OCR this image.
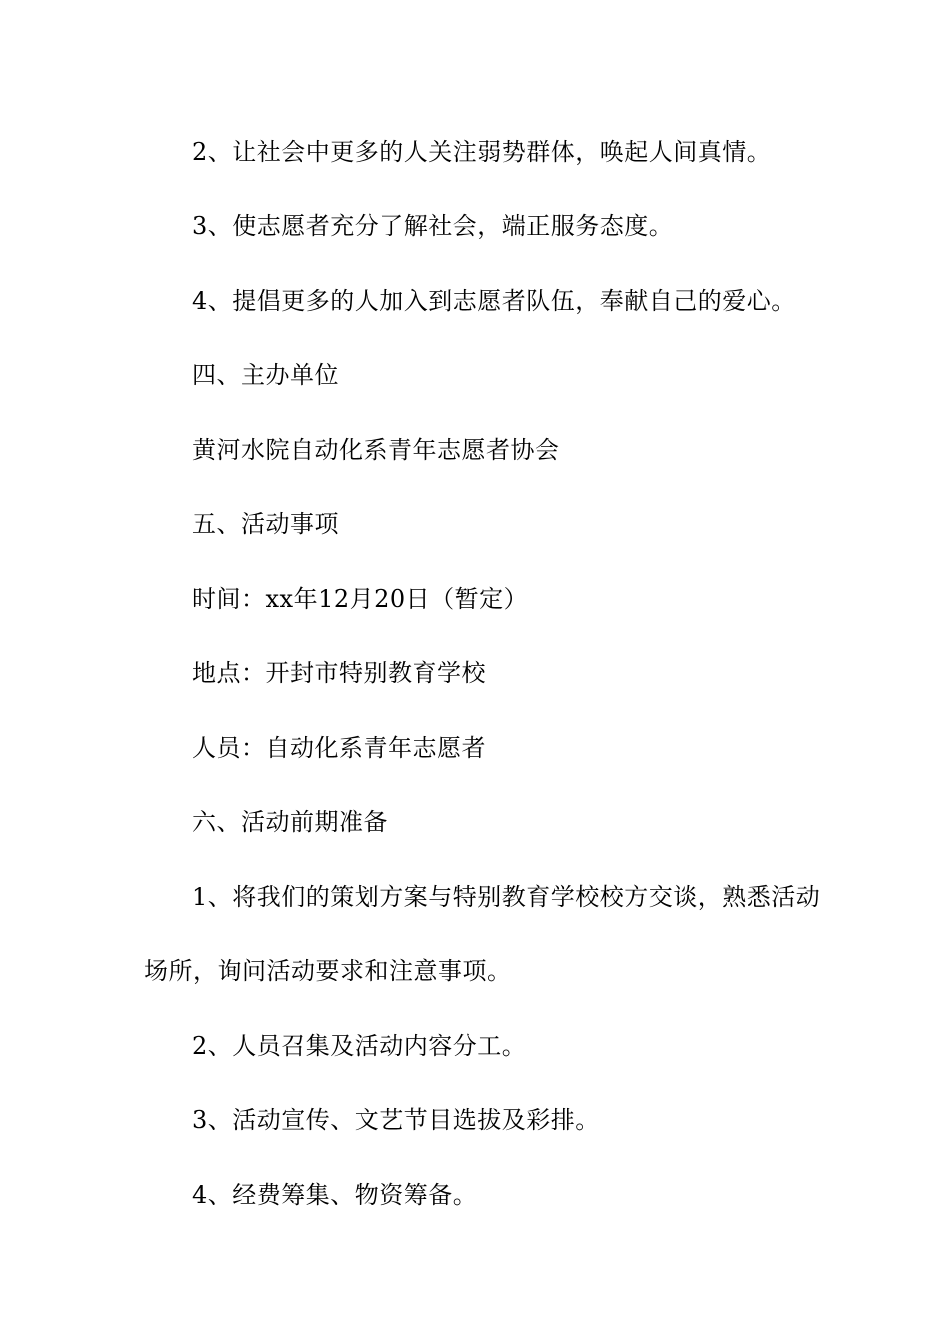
2、让社会中更多的人关注弱势群体，唤起人间真情。
3、使志愿者充分了解社会，端正服务态度。
4、提倡更多的人加入到志愿者队伍，奉献自己的爱心。
四、主办单位
黄河水院自动化系青年志愿者协会
五、活动事项
时间：xx年12月20日（暂定）
地点：开封市特别教育学校
人员：自动化系青年志愿者
六、活动前期准备
1、将我们的策划方案与特别教育学校校方交谈，熟悉活动
场所，询问活动要求和注意事项。
2、人员召集及活动内容分工。
3、活动宣传、文艺节目选拔及彩排。
4、经费筹集、物资筹备。
